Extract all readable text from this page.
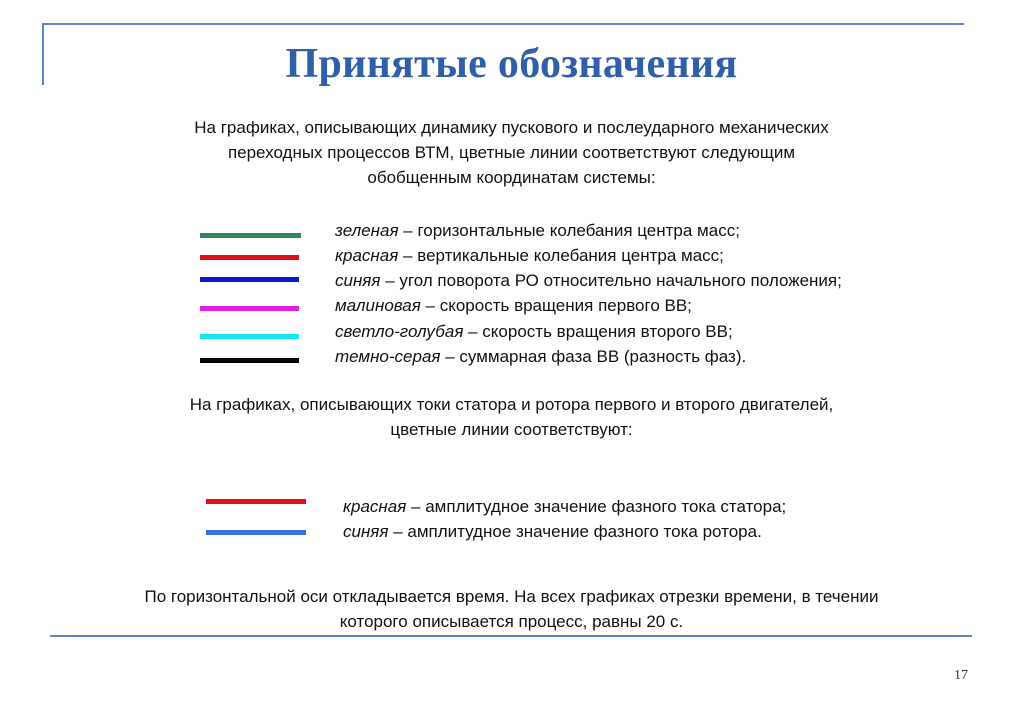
Принятые обозначения
На графиках, описывающих динамику пускового и послеударного механических
переходных процессов ВТМ, цветные линии соответствуют следующим
обобщенным координатам системы:
зеленая – горизонтальные колебания центра масс;
красная – вертикальные колебания центра масс;
синяя – угол поворота РО относительно начального положения;
малиновая – скорость вращения первого ВВ;
светло-голубая – скорость вращения второго ВВ;
темно-серая – суммарная фаза ВВ (разность фаз).
На графиках, описывающих токи статора и ротора первого и второго двигателей,
цветные линии соответствуют:
красная – амплитудное значение фазного тока статора;
синяя – амплитудное значение фазного тока ротора.
По горизонтальной оси откладывается время. На всех графиках отрезки времени, в течении
которого описывается процесс, равны 20 с.
17
